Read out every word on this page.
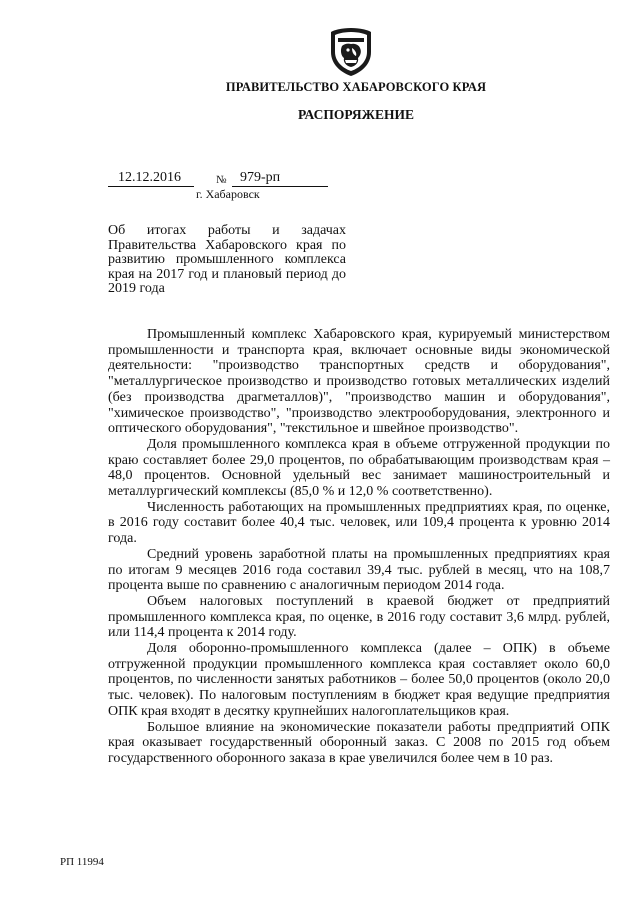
ПРАВИТЕЛЬСТВО ХАБАРОВСКОГО КРАЯ
РАСПОРЯЖЕНИЕ
12.12.2016	№ 979-рп
г. Хабаровск
Об итогах работы и задачах Правительства Хабаровского края по развитию промышленного комплекса края на 2017 год и плановый период до 2019 года

Промышленный комплекс Хабаровского края, курируемый министерством промышленности и транспорта края, включает основные виды экономической деятельности: "производство транспортных средств и оборудования", "металлургическое производство и производство готовых металлических изделий (без производства драгметаллов)", "производство машин и оборудования", "химическое производство", "производство электрооборудования, электронного и оптического оборудования", "текстильное и швейное производство".

Доля промышленного комплекса края в объеме отгруженной продукции по краю составляет более 29,0 процентов, по обрабатывающим производствам края – 48,0 процентов. Основной удельный вес занимает машиностроительный и металлургический комплексы (85,0 % и 12,0 % соответственно).

Численность работающих на промышленных предприятиях края, по оценке, в 2016 году составит более 40,4 тыс. человек, или 109,4 процента к уровню 2014 года.

Средний уровень заработной платы на промышленных предприятиях края по итогам 9 месяцев 2016 года составил 39,4 тыс. рублей в месяц, что на 108,7 процента выше по сравнению с аналогичным периодом 2014 года.

Объем налоговых поступлений в краевой бюджет от предприятий промышленного комплекса края, по оценке, в 2016 году составит 3,6 млрд. рублей, или 114,4 процента к 2014 году.

Доля оборонно-промышленного комплекса (далее – ОПК) в объеме отгруженной продукции промышленного комплекса края составляет около 60,0 процентов, по численности занятых работников – более 50,0 процентов (около 20,0 тыс. человек). По налоговым поступлениям в бюджет края ведущие предприятия ОПК края входят в десятку крупнейших налогоплательщиков края.

Большое влияние на экономические показатели работы предприятий ОПК края оказывает государственный оборонный заказ. С 2008 по 2015 год объем государственного оборонного заказа в крае увеличился более чем в 10 раз.

РП 11994
